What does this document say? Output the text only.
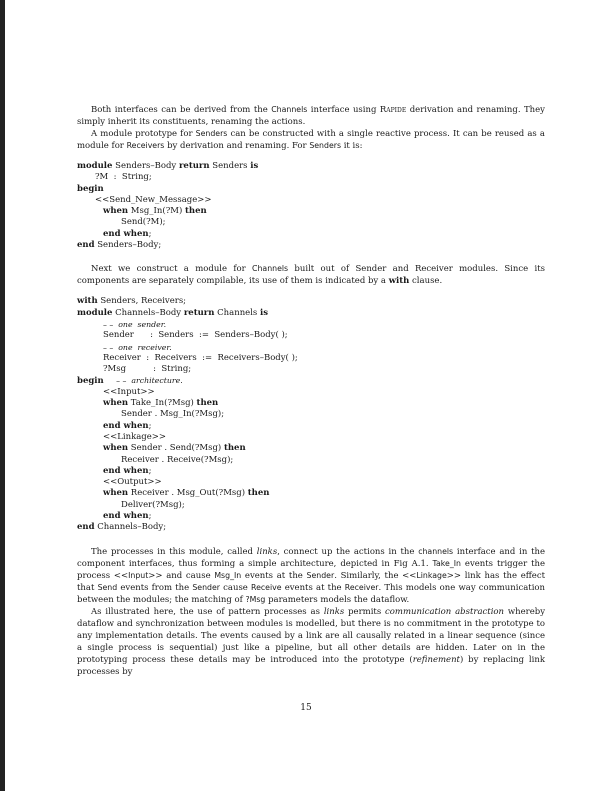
Both interfaces can be derived from the Channels interface using Rapide derivation and renaming. They simply inherit its constituents, renaming the actions.

A module prototype for Senders can be constructed with a single reactive process. It can be reused as a module for Receivers by derivation and renaming. For Senders it is:

module Senders–Body return Senders is
?M  :  String;
begin
<<Send_New_Message>>
when Msg_In(?M) then
Send(?M);
end when;
end Senders–Body;

Next we construct a module for Channels built out of Sender and Receiver modules. Since its components are separately compilable, its use of them is indicated by a with clause.

with Senders, Receivers;
module Channels–Body return Channels is
– –  one  sender.
Sender      :  Senders  :=  Senders–Body( );
– –  one  receiver.
Receiver  :  Receivers  :=  Receivers–Body( );
?Msg          :  String;
begin     – –  architecture.
<<Input>>
when Take_In(?Msg) then
Sender . Msg_In(?Msg);
end when;
<<Linkage>>
when Sender . Send(?Msg) then
Receiver . Receive(?Msg);
end when;
<<Output>>
when Receiver . Msg_Out(?Msg) then
Deliver(?Msg);
end when;
end Channels–Body;

The processes in this module, called links, connect up the actions in the channels interface and in the component interfaces, thus forming a simple architecture, depicted in Fig A.1. Take_In events trigger the process <<Input>> and cause Msg_In events at the Sender. Similarly, the <<Linkage>> link has the effect that Send events from the Sender cause Receive events at the Receiver. This models one way communication between the modules; the matching of ?Msg parameters models the dataflow.

As illustrated here, the use of pattern processes as links permits communication abstraction whereby dataflow and synchronization between modules is modelled, but there is no commitment in the prototype to any implementation details. The events caused by a link are all causally related in a linear sequence (since a single process is sequential) just like a pipeline, but all other details are hidden. Later on in the prototyping process these details may be introduced into the prototype (refinement) by replacing link processes by

15
